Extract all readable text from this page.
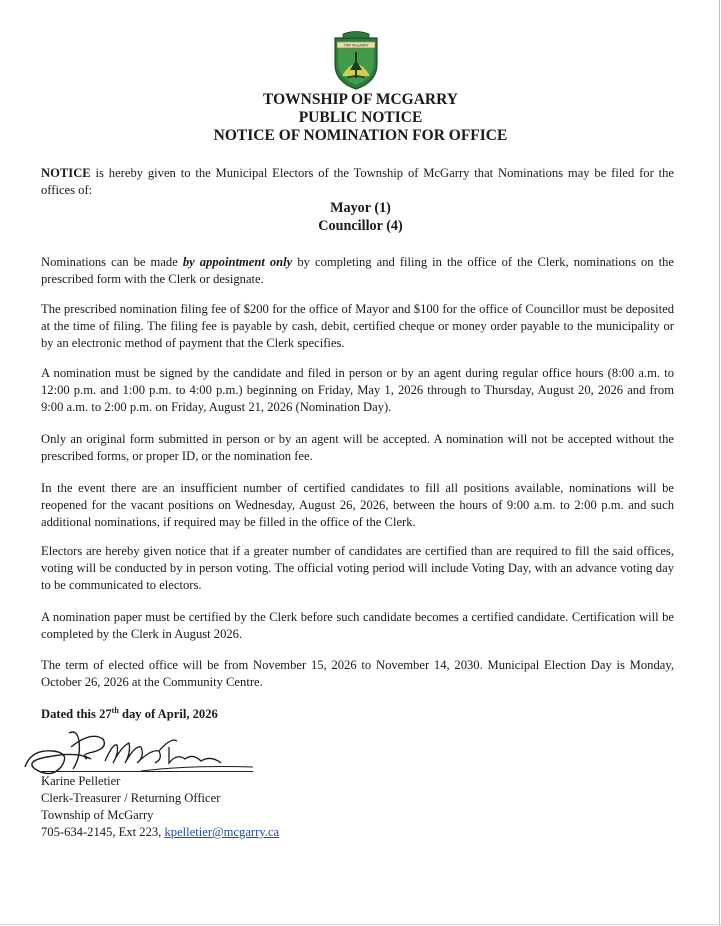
TWP McGARRY
TOWNSHIP OF MCGARRY
PUBLIC NOTICE
NOTICE OF NOMINATION FOR OFFICE

NOTICE is hereby given to the Municipal Electors of the Township of McGarry that Nominations may be filed for the offices of:

Mayor (1)
Councillor (4)

Nominations can be made by appointment only by completing and filing in the office of the Clerk, nominations on the prescribed form with the Clerk or designate.

The prescribed nomination filing fee of $200 for the office of Mayor and $100 for the office of Councillor must be deposited at the time of filing. The filing fee is payable by cash, debit, certified cheque or money order payable to the municipality or by an electronic method of payment that the Clerk specifies.

A nomination must be signed by the candidate and filed in person or by an agent during regular office hours (8:00 a.m. to 12:00 p.m. and 1:00 p.m. to 4:00 p.m.) beginning on Friday, May 1, 2026 through to Thursday, August 20, 2026 and from 9:00 a.m. to 2:00 p.m. on Friday, August 21, 2026 (Nomination Day).

Only an original form submitted in person or by an agent will be accepted. A nomination will not be accepted without the prescribed forms, or proper ID, or the nomination fee.

In the event there are an insufficient number of certified candidates to fill all positions available, nominations will be reopened for the vacant positions on Wednesday, August 26, 2026, between the hours of 9:00 a.m. to 2:00 p.m. and such additional nominations, if required may be filled in the office of the Clerk.

Electors are hereby given notice that if a greater number of candidates are certified than are required to fill the said offices, voting will be conducted by in person voting. The official voting period will include Voting Day, with an advance voting day to be communicated to electors.

A nomination paper must be certified by the Clerk before such candidate becomes a certified candidate. Certification will be completed by the Clerk in August 2026.

The term of elected office will be from November 15, 2026 to November 14, 2030. Municipal Election Day is Monday, October 26, 2026 at the Community Centre.

Dated this 27th day of April, 2026
Karine Pelletier
Clerk-Treasurer / Returning Officer
Township of McGarry
705-634-2145, Ext 223, kpelletier@mcgarry.ca
